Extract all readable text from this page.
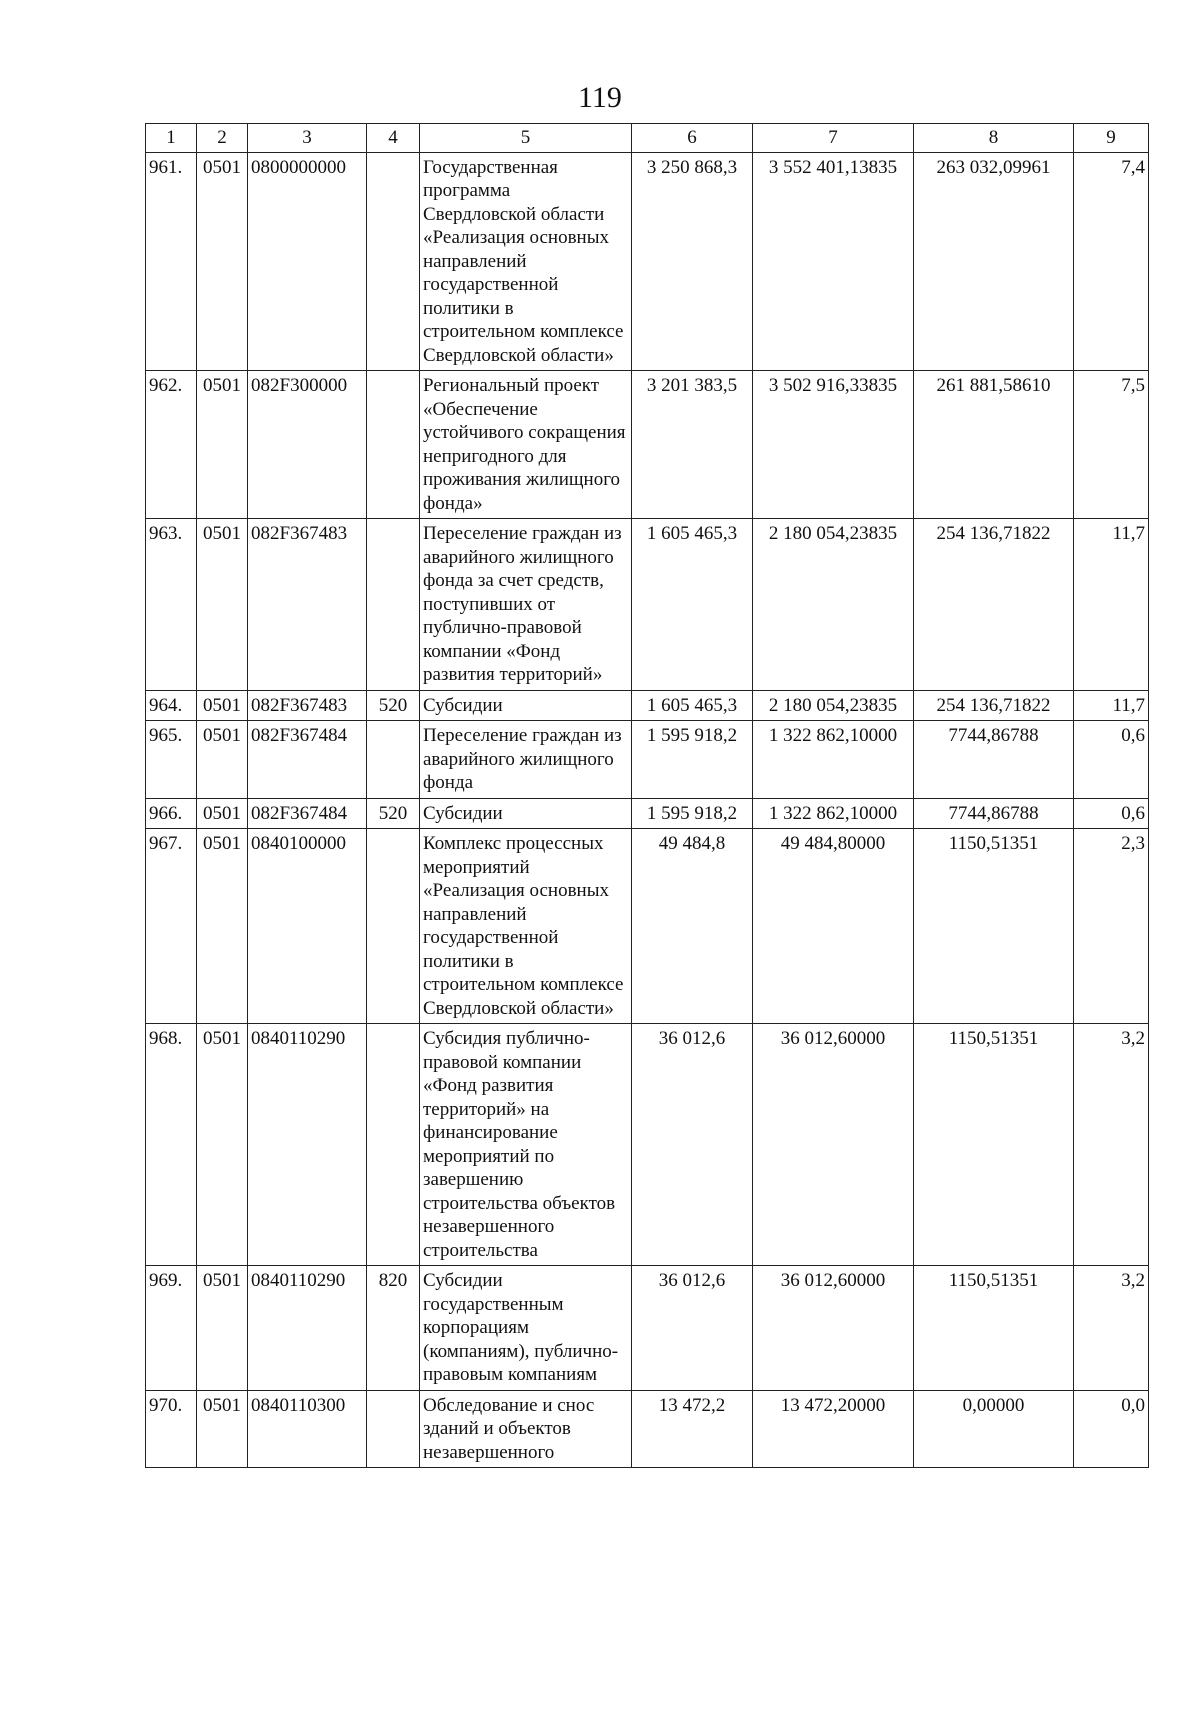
119
1	2	3	4	5	6	7	8	9
961.	0501	0800000000		Государственная программа Свердловской области «Реализация основных направлений государственной политики в строительном комплексе Свердловской области»	3 250 868,3	3 552 401,13835	263 032,09961	7,4
962.	0501	082F300000		Региональный проект «Обеспечение устойчивого сокращения непригодного для проживания жилищного фонда»	3 201 383,5	3 502 916,33835	261 881,58610	7,5
963.	0501	082F367483		Переселение граждан из аварийного жилищного фонда за счет средств, поступивших от публично-правовой компании «Фонд развития территорий»	1 605 465,3	2 180 054,23835	254 136,71822	11,7
964.	0501	082F367483	520	Субсидии	1 605 465,3	2 180 054,23835	254 136,71822	11,7
965.	0501	082F367484		Переселение граждан из аварийного жилищного фонда	1 595 918,2	1 322 862,10000	7744,86788	0,6
966.	0501	082F367484	520	Субсидии	1 595 918,2	1 322 862,10000	7744,86788	0,6
967.	0501	0840100000		Комплекс процессных мероприятий «Реализация основных направлений государственной политики в строительном комплексе Свердловской области»	49 484,8	49 484,80000	1150,51351	2,3
968.	0501	0840110290		Субсидия публично-правовой компании «Фонд развития территорий» на финансирование мероприятий по завершению строительства объектов незавершенного строительства	36 012,6	36 012,60000	1150,51351	3,2
969.	0501	0840110290	820	Субсидии государственным корпорациям (компаниям), публично-правовым компаниям	36 012,6	36 012,60000	1150,51351	3,2
970.	0501	0840110300		Обследование и снос зданий и объектов незавершенного	13 472,2	13 472,20000	0,00000	0,0
